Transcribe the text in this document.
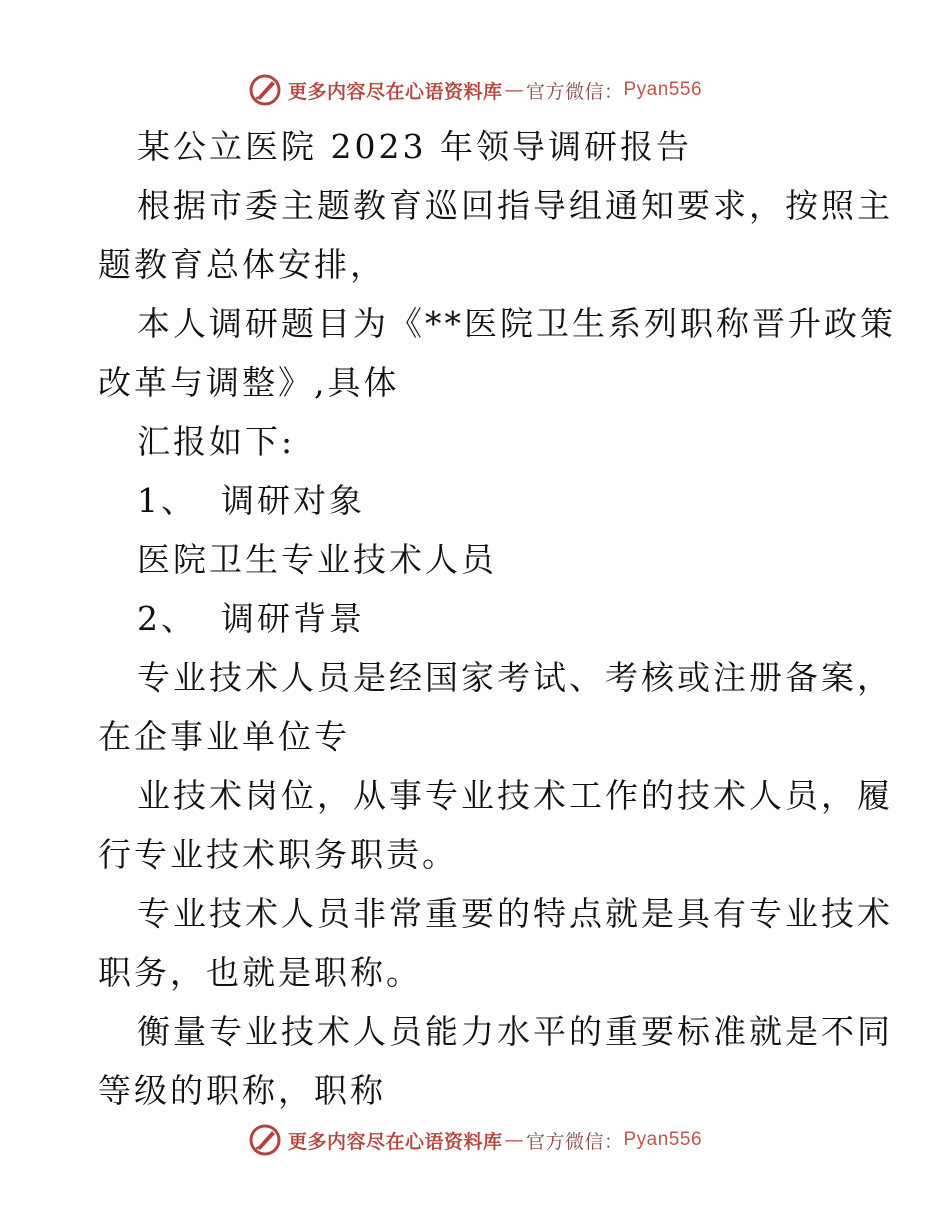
更多内容尽在心语资料库 — 官方微信： Pyan556
某公立医院 2023 年领导调研报告
根据市委主题教育巡回指导组通知要求，按照主
题教育总体安排，
本人调研题目为《**医院卫生系列职称晋升政策
改革与调整》,具体
汇报如下:
1、 调研对象
医院卫生专业技术人员
2、 调研背景
专业技术人员是经国家考试、考核或注册备案，
在企事业单位专
业技术岗位，从事专业技术工作的技术人员，履
行专业技术职务职责。
专业技术人员非常重要的特点就是具有专业技术
职务，也就是职称。
衡量专业技术人员能力水平的重要标准就是不同
等级的职称，职称
更多内容尽在心语资料库 — 官方微信： Pyan556
